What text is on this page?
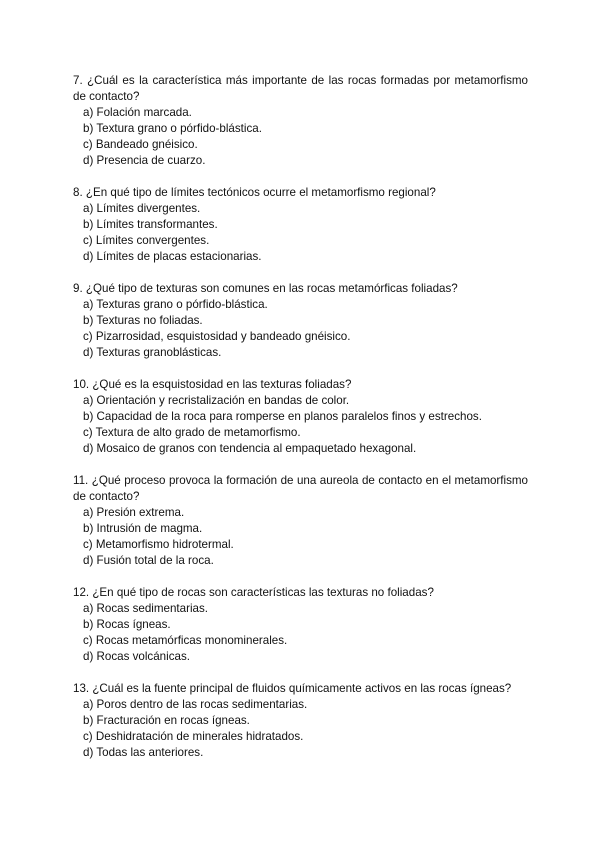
7. ¿Cuál es la característica más importante de las rocas formadas por metamorfismo de contacto?

a) Folación marcada.
b) Textura grano o pórfido-blástica.
c) Bandeado gnéisico.
d) Presencia de cuarzo.

8. ¿En qué tipo de límites tectónicos ocurre el metamorfismo regional?

a) Límites divergentes.
b) Límites transformantes.
c) Límites convergentes.
d) Límites de placas estacionarias.

9. ¿Qué tipo de texturas son comunes en las rocas metamórficas foliadas?

a) Texturas grano o pórfido-blástica.
b) Texturas no foliadas.
c) Pizarrosidad, esquistosidad y bandeado gnéisico.
d) Texturas granoblásticas.

10. ¿Qué es la esquistosidad en las texturas foliadas?

a) Orientación y recristalización en bandas de color.
b) Capacidad de la roca para romperse en planos paralelos finos y estrechos.
c) Textura de alto grado de metamorfismo.
d) Mosaico de granos con tendencia al empaquetado hexagonal.

11. ¿Qué proceso provoca la formación de una aureola de contacto en el metamorfismo de contacto?

a) Presión extrema.
b) Intrusión de magma.
c) Metamorfismo hidrotermal.
d) Fusión total de la roca.

12. ¿En qué tipo de rocas son características las texturas no foliadas?

a) Rocas sedimentarias.
b) Rocas ígneas.
c) Rocas metamórficas monominerales.
d) Rocas volcánicas.

13. ¿Cuál es la fuente principal de fluidos químicamente activos en las rocas ígneas?

a) Poros dentro de las rocas sedimentarias.
b) Fracturación en rocas ígneas.
c) Deshidratación de minerales hidratados.
d) Todas las anteriores.
